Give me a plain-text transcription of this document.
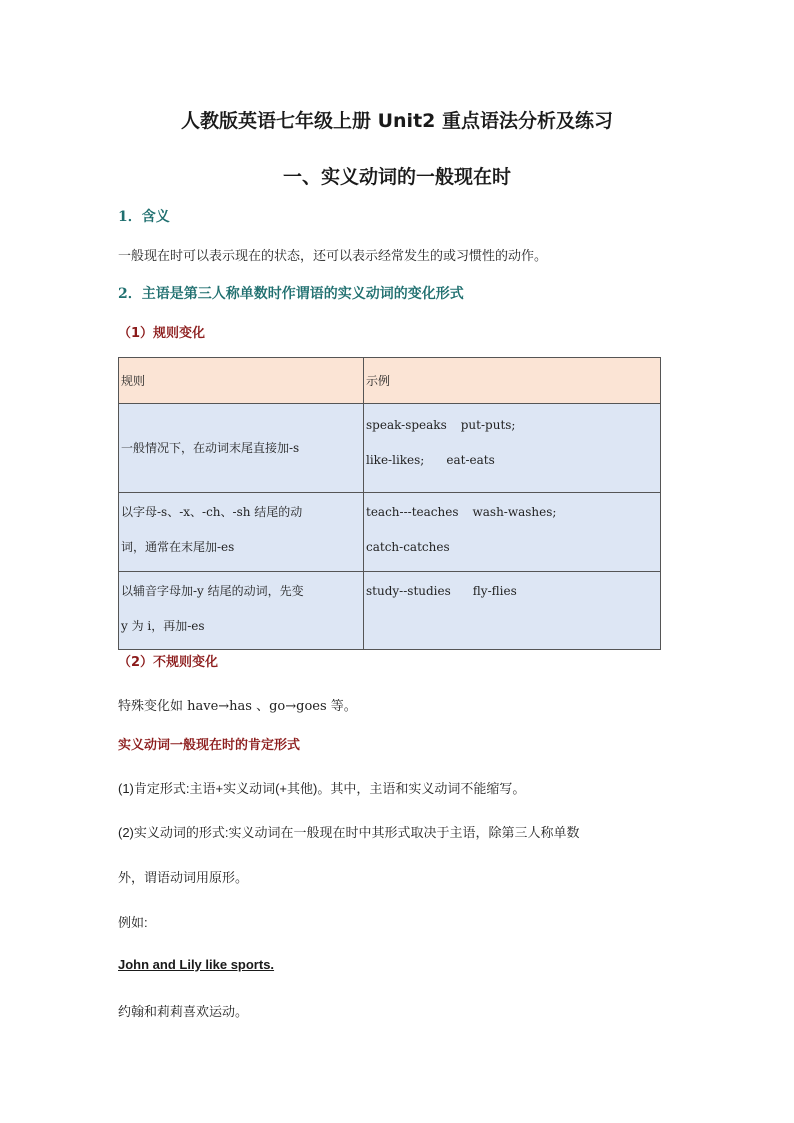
人教版英语七年级上册 Unit2 重点语法分析及练习
一、实义动词的一般现在时
1．含义
一般现在时可以表示现在的状态，还可以表示经常发生的或习惯性的动作。
2．主语是第三人称单数时作谓语的实义动词的变化形式
（1）规则变化
规则	示例

一般情况下，在动词末尾直接加-s	speak-speaks put-puts;
like-likes; eat-eats

以字母-s、-x、-ch、-sh 结尾的动
词，通常在末尾加-es	teach---teaches wash-washes;
catch-catches

以辅音字母加-y 结尾的动词，先变
y 为 i，再加-es	study--studies fly-flies
（2）不规则变化
特殊变化如 have→has 、go→goes 等。
实义动词一般现在时的肯定形式
(1)肯定形式:主语+实义动词(+其他)。其中，主语和实义动词不能缩写。
(2)实义动词的形式:实义动词在一般现在时中其形式取决于主语，除第三人称单数
外，谓语动词用原形。
例如:
John and Lily like sports.
约翰和莉莉喜欢运动。
